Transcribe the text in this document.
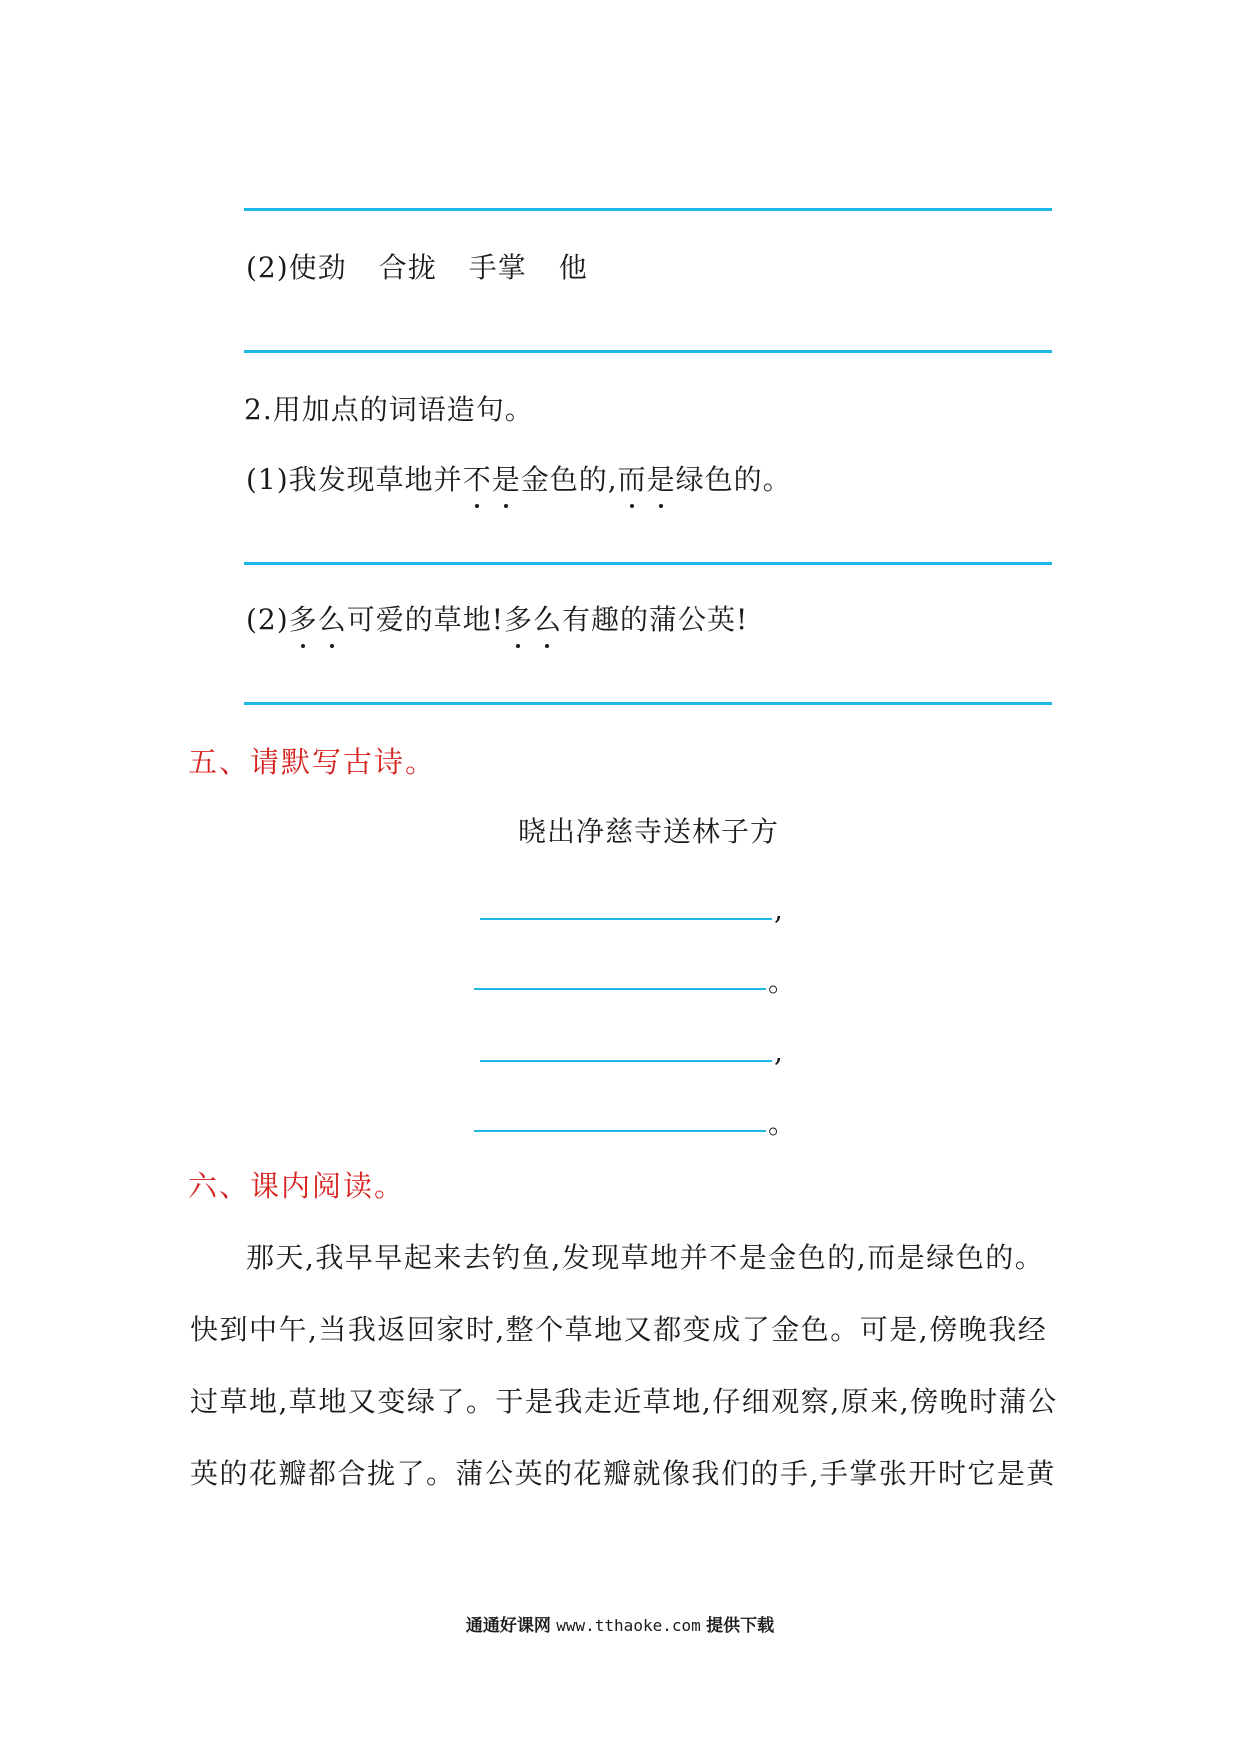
(2)使劲 合拢 手掌 他
2.用加点的词语造句。
(1)我发现草地并不是金色的,而是绿色的。
(2)多么可爱的草地!多么有趣的蒲公英!
五、请默写古诗。
晓出净慈寺送林子方
,
。
,
。
六、课内阅读。
那天,我早早起来去钓鱼,发现草地并不是金色的,而是绿色的。
快到中午,当我返回家时,整个草地又都变成了金色。可是,傍晚我经
过草地,草地又变绿了。于是我走近草地,仔细观察,原来,傍晚时蒲公
英的花瓣都合拢了。蒲公英的花瓣就像我们的手,手掌张开时它是黄
通通好课网 www.tthaoke.com 提供下载
